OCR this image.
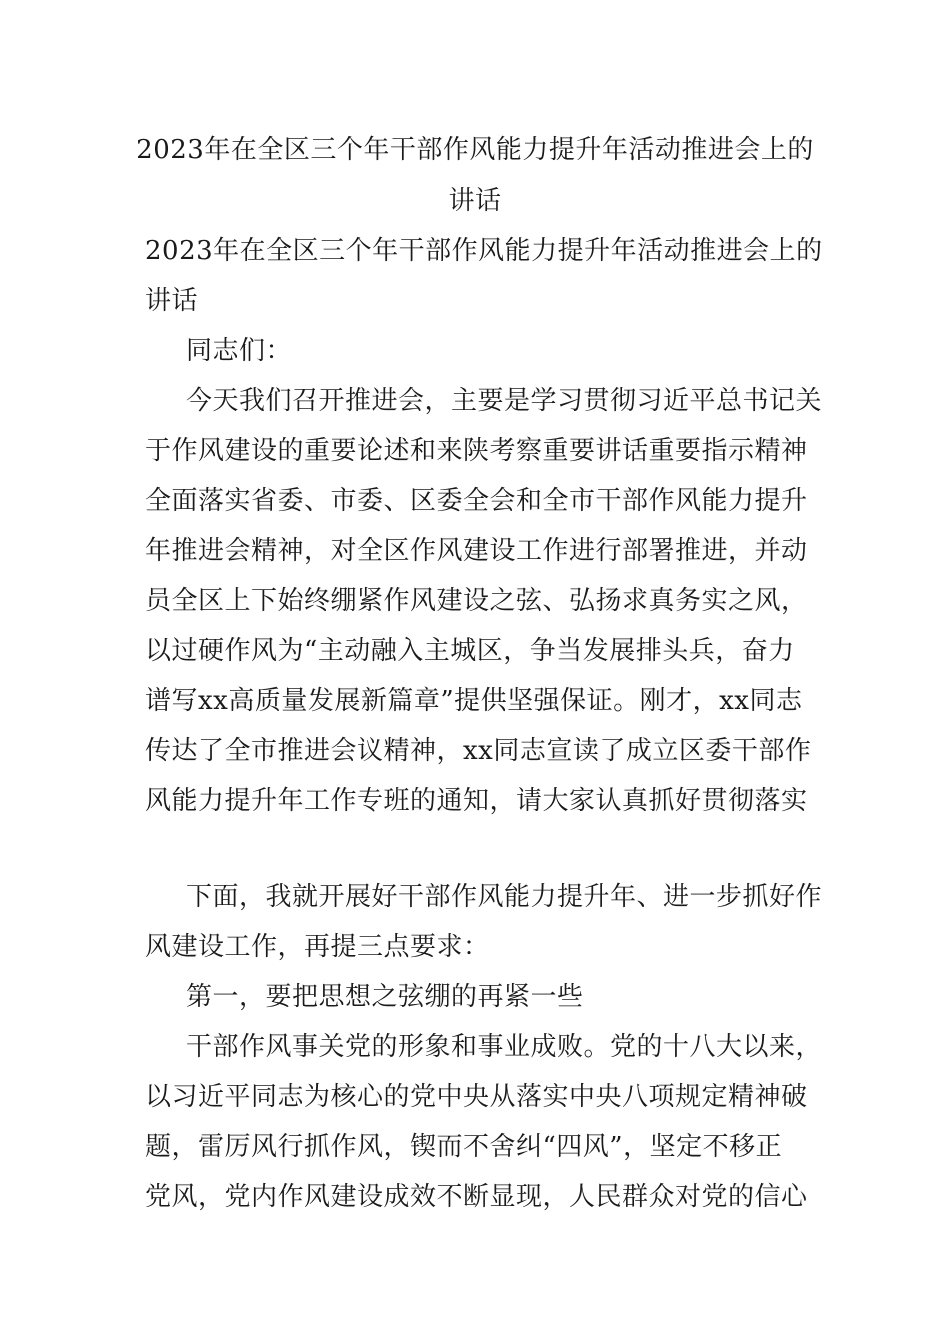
2023年在全区三个年干部作风能力提升年活动推进会上的
讲话
2023年在全区三个年干部作风能力提升年活动推进会上的
讲话
同志们：
今天我们召开推进会，主要是学习贯彻习近平总书记关
于作风建设的重要论述和来陕考察重要讲话重要指示精神
全面落实省委、市委、区委全会和全市干部作风能力提升
年推进会精神，对全区作风建设工作进行部署推进，并动
员全区上下始终绷紧作风建设之弦、弘扬求真务实之风，
以过硬作风为“主动融入主城区，争当发展排头兵，奋力
谱写xx高质量发展新篇章”提供坚强保证。刚才，xx同志
传达了全市推进会议精神，xx同志宣读了成立区委干部作
风能力提升年工作专班的通知，请大家认真抓好贯彻落实
下面，我就开展好干部作风能力提升年、进一步抓好作
风建设工作，再提三点要求：
第一，要把思想之弦绷的再紧一些
干部作风事关党的形象和事业成败。党的十八大以来，
以习近平同志为核心的党中央从落实中央八项规定精神破
题，雷厉风行抓作风，锲而不舍纠“四风”，坚定不移正
党风，党内作风建设成效不断显现，人民群众对党的信心
